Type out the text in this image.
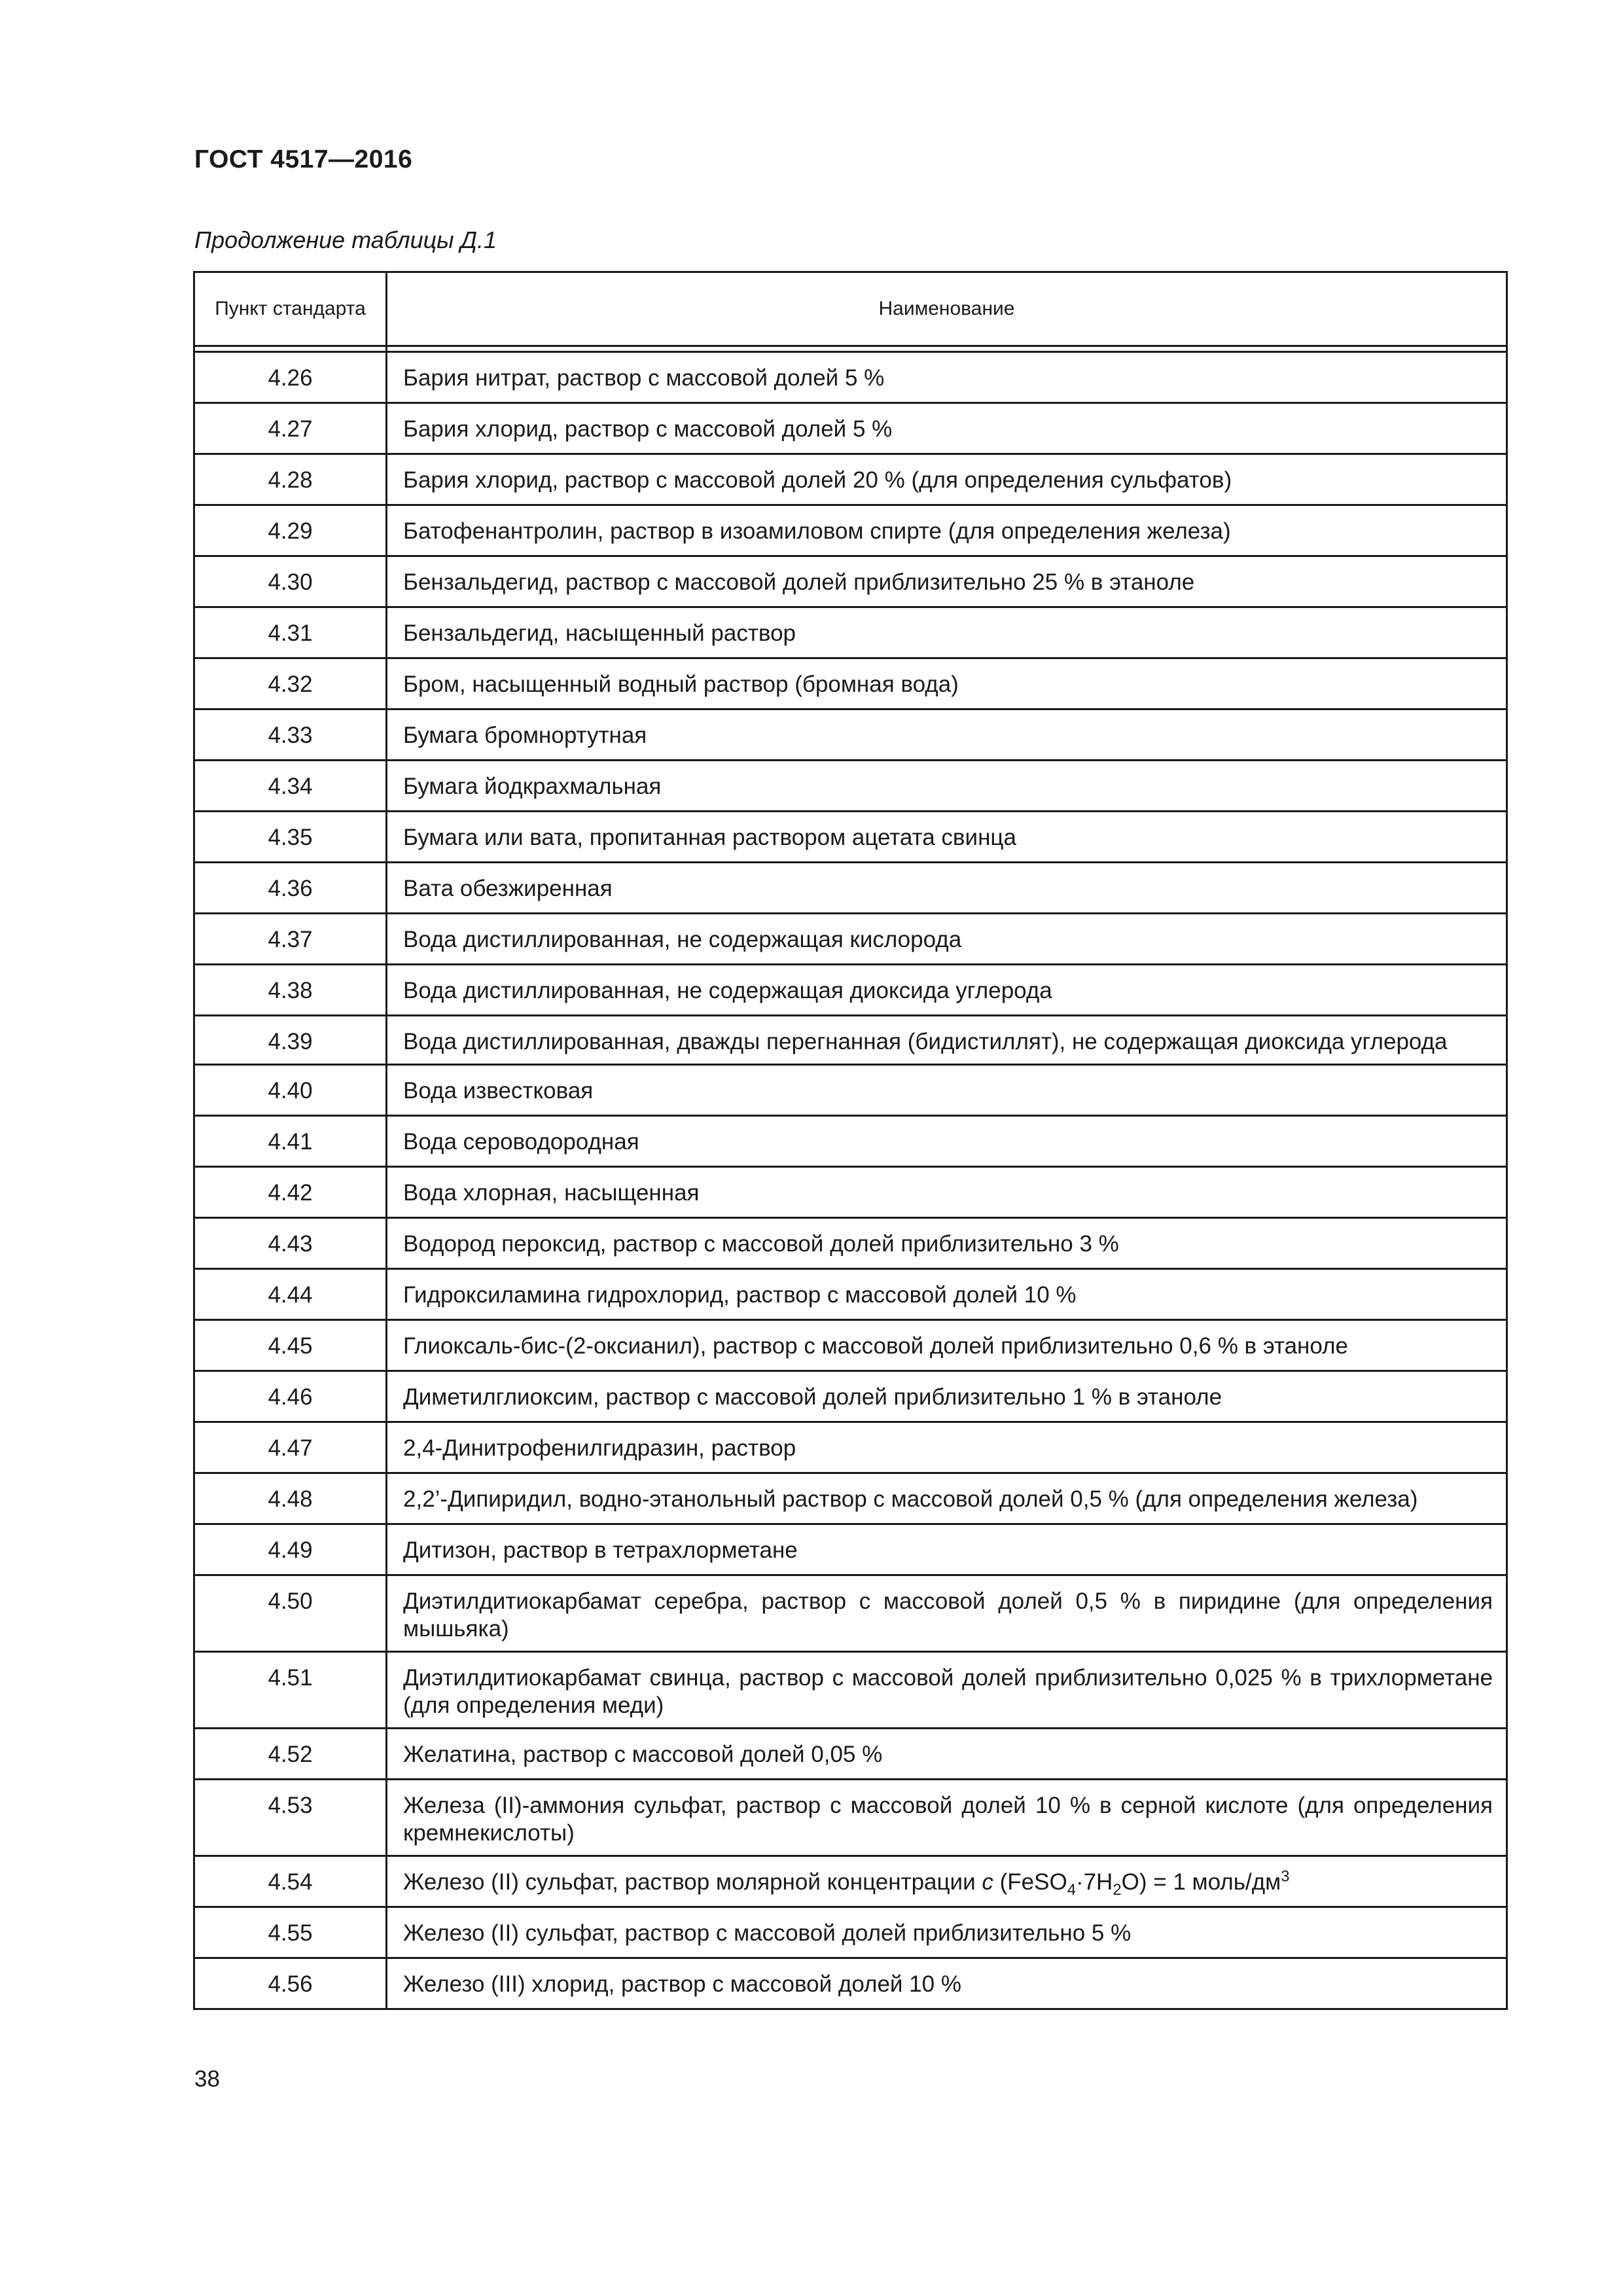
ГОСТ 4517—2016
Продолжение таблицы Д.1
Пункт стандарта	Наименование

4.26	Бария нитрат, раствор с массовой долей 5 %
4.27	Бария хлорид, раствор с массовой долей 5 %
4.28	Бария хлорид, раствор с массовой долей 20 % (для определения сульфатов)
4.29	Батофенантролин, раствор в изоамиловом спирте (для определения железа)
4.30	Бензальдегид, раствор с массовой долей приблизительно 25 % в этаноле
4.31	Бензальдегид, насыщенный раствор
4.32	Бром, насыщенный водный раствор (бромная вода)
4.33	Бумага бромнортутная
4.34	Бумага йодкрахмальная
4.35	Бумага или вата, пропитанная раствором ацетата свинца
4.36	Вата обезжиренная
4.37	Вода дистиллированная, не содержащая кислорода
4.38	Вода дистиллированная, не содержащая диоксида углерода
4.39	Вода дистиллированная, дважды перегнанная (бидистиллят), не содержащая диоксида углерода
4.40	Вода известковая
4.41	Вода сероводородная
4.42	Вода хлорная, насыщенная
4.43	Водород пероксид, раствор с массовой долей приблизительно 3 %
4.44	Гидроксиламина гидрохлорид, раствор с массовой долей 10 %
4.45	Глиоксаль-бис-(2-оксианил), раствор с массовой долей приблизительно 0,6 % в этаноле
4.46	Диметилглиоксим, раствор с массовой долей приблизительно 1 % в этаноле
4.47	2,4-Динитрофенилгидразин, раствор
4.48	2,2’-Дипиридил, водно-этанольный раствор с массовой долей 0,5 % (для определения железа)
4.49	Дитизон, раствор в тетрахлорметане
4.50	Диэтилдитиокарбамат серебра, раствор с массовой долей 0,5 % в пиридине (для определения мышьяка)
4.51	Диэтилдитиокарбамат свинца, раствор с массовой долей приблизительно 0,025 % в трихлорметане (для определения меди)
4.52	Желатина, раствор с массовой долей 0,05 %
4.53	Железа (II)-аммония сульфат, раствор с массовой долей 10 % в серной кислоте (для определения кремнекислоты)
4.54	Железо (II) сульфат, раствор молярной концентрации c $(FeSO_4\cdot 7H_2O) = 1$ моль/$дм^3$
4.55	Железо (II) сульфат, раствор с массовой долей приблизительно 5 %
4.56	Железо (III) хлорид, раствор с массовой долей 10 %
38
